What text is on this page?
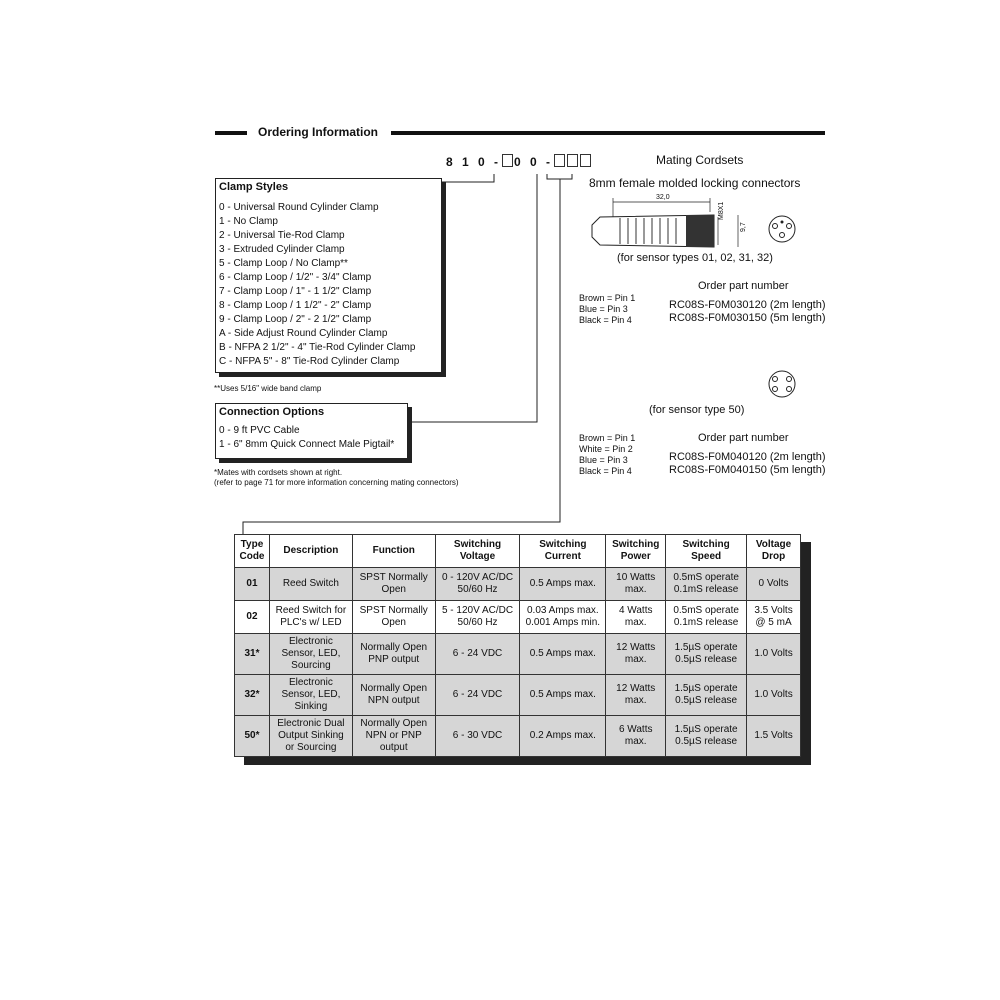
Ordering Information
8 1 0 - 0 0 -
Clamp Styles
0 - Universal Round Cylinder Clamp
1 - No Clamp
2 - Universal Tie-Rod Clamp
3 - Extruded Cylinder Clamp
5 - Clamp Loop / No Clamp**
6 - Clamp Loop / 1/2" - 3/4" Clamp
7 - Clamp Loop / 1" - 1 1/2" Clamp
8 - Clamp Loop / 1 1/2" - 2" Clamp
9 - Clamp Loop / 2" - 2 1/2" Clamp
A - Side Adjust Round Cylinder Clamp
B - NFPA 2 1/2" - 4" Tie-Rod Cylinder Clamp
C - NFPA 5" - 8" Tie-Rod Cylinder Clamp
**Uses 5/16" wide band clamp
Connection Options
0 - 9 ft PVC Cable
1 - 6" 8mm Quick Connect Male Pigtail*
*Mates with cordsets shown at right.
(refer to page 71 for more information concerning mating connectors)
Mating Cordsets
8mm female molded locking connectors
32,0
M8X1
9,7
(for sensor types 01, 02, 31, 32)
Order part number
Brown = Pin 1
Blue = Pin 3
Black = Pin 4
RC08S-F0M030120 (2m length)
RC08S-F0M030150 (5m length)
(for sensor type 50)
Order part number
Brown = Pin 1
White = Pin 2
Blue = Pin 3
Black = Pin 4
RC08S-F0M040120 (2m length)
RC08S-F0M040150 (5m length)
Type
Code	Description	Function	Switching
Voltage	Switching
Current	Switching
Power	Switching
Speed	Voltage
Drop
01	Reed Switch	SPST Normally
Open	0 - 120V AC/DC
50/60 Hz	0.5 Amps max.	10 Watts
max.	0.5mS operate
0.1mS release	0 Volts
02	Reed Switch for
PLC's w/ LED	SPST Normally
Open	5 - 120V AC/DC
50/60 Hz	0.03 Amps max.
0.001 Amps min.	4 Watts
max.	0.5mS operate
0.1mS release	3.5 Volts
@ 5 mA
31*	Electronic
Sensor, LED,
Sourcing	Normally Open
PNP output	6 - 24 VDC	0.5 Amps max.	12 Watts
max.	1.5µS operate
0.5µS release	1.0 Volts
32*	Electronic
Sensor, LED,
Sinking	Normally Open
NPN output	6 - 24 VDC	0.5 Amps max.	12 Watts
max.	1.5µS operate
0.5µS release	1.0 Volts
50*	Electronic Dual
Output Sinking
or Sourcing	Normally Open
NPN or PNP
output	6 - 30 VDC	0.2 Amps max.	6 Watts
max.	1.5µS operate
0.5µS release	1.5 Volts
